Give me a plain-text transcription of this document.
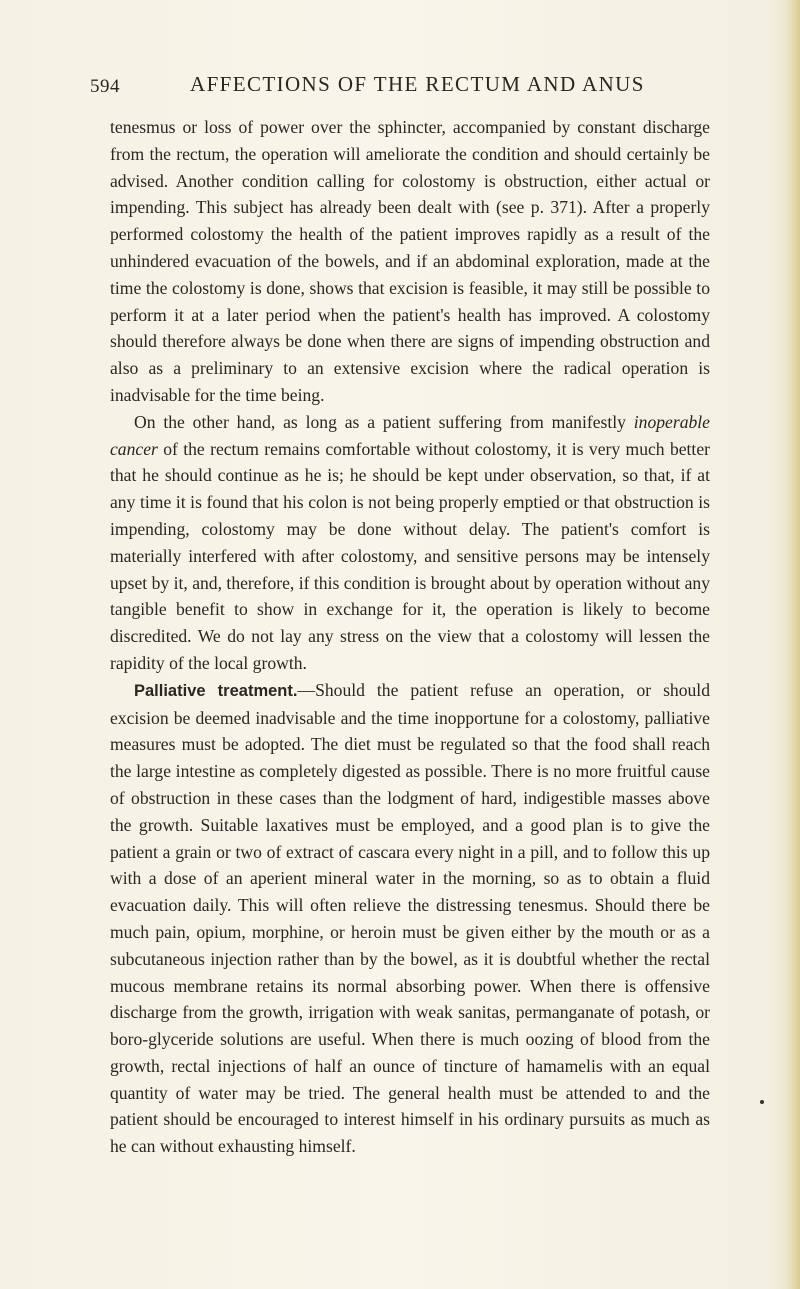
594	AFFECTIONS OF THE RECTUM AND ANUS

tenesmus or loss of power over the sphincter, accompanied by constant discharge from the rectum, the operation will ameliorate the condition and should certainly be advised. Another condition calling for colostomy is obstruction, either actual or impending. This subject has already been dealt with (see p. 371). After a properly performed colostomy the health of the patient improves rapidly as a result of the unhindered evacuation of the bowels, and if an abdominal exploration, made at the time the colostomy is done, shows that excision is feasible, it may still be possible to perform it at a later period when the patient's health has improved. A colostomy should therefore always be done when there are signs of impending obstruction and also as a preliminary to an extensive excision where the radical operation is inadvisable for the time being.

On the other hand, as long as a patient suffering from manifestly inoperable cancer of the rectum remains comfortable without colostomy, it is very much better that he should continue as he is; he should be kept under observation, so that, if at any time it is found that his colon is not being properly emptied or that obstruction is impending, colostomy may be done without delay. The patient's comfort is materially interfered with after colostomy, and sensitive persons may be intensely upset by it, and, therefore, if this condition is brought about by operation without any tangible benefit to show in exchange for it, the operation is likely to become discredited. We do not lay any stress on the view that a colostomy will lessen the rapidity of the local growth.

Palliative treatment.—Should the patient refuse an operation, or should excision be deemed inadvisable and the time inopportune for a colostomy, palliative measures must be adopted. The diet must be regulated so that the food shall reach the large intestine as completely digested as possible. There is no more fruitful cause of obstruction in these cases than the lodgment of hard, indigestible masses above the growth. Suitable laxatives must be employed, and a good plan is to give the patient a grain or two of extract of cascara every night in a pill, and to follow this up with a dose of an aperient mineral water in the morning, so as to obtain a fluid evacuation daily. This will often relieve the distressing tenesmus. Should there be much pain, opium, morphine, or heroin must be given either by the mouth or as a subcutaneous injection rather than by the bowel, as it is doubtful whether the rectal mucous membrane retains its normal absorbing power. When there is offensive discharge from the growth, irrigation with weak sanitas, permanganate of potash, or boro-glyceride solutions are useful. When there is much oozing of blood from the growth, rectal injections of half an ounce of tincture of hamamelis with an equal quantity of water may be tried. The general health must be attended to and the patient should be encouraged to interest himself in his ordinary pursuits as much as he can without exhausting himself.
